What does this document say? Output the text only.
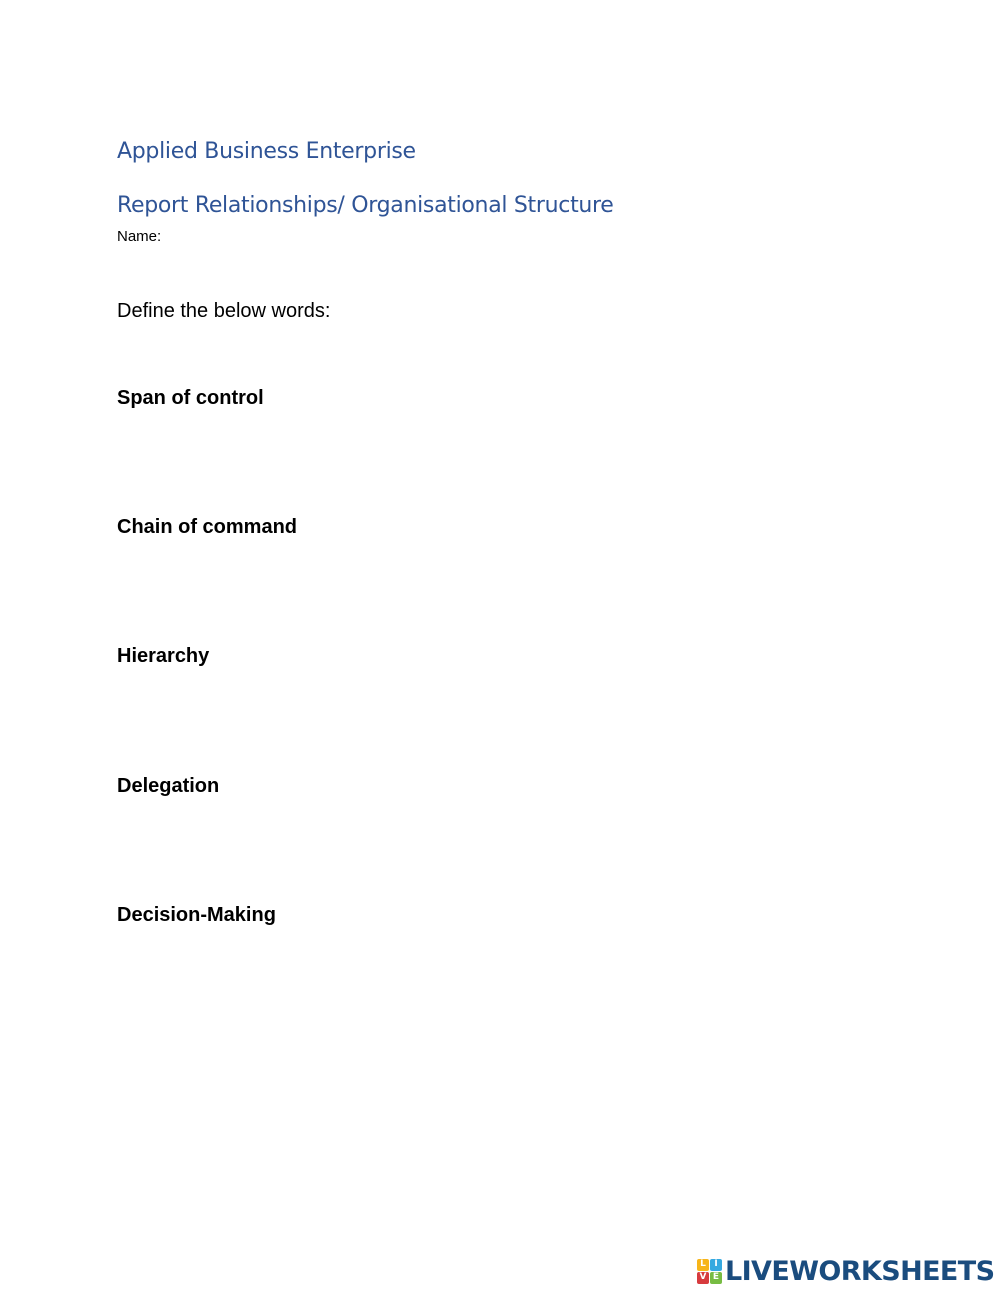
Applied Business Enterprise
Report Relationships/ Organisational Structure
Name:
Define the below words:
Span of control
Chain of command
Hierarchy
Delegation
Decision-Making
L I
V E LIVEWORKSHEETS
